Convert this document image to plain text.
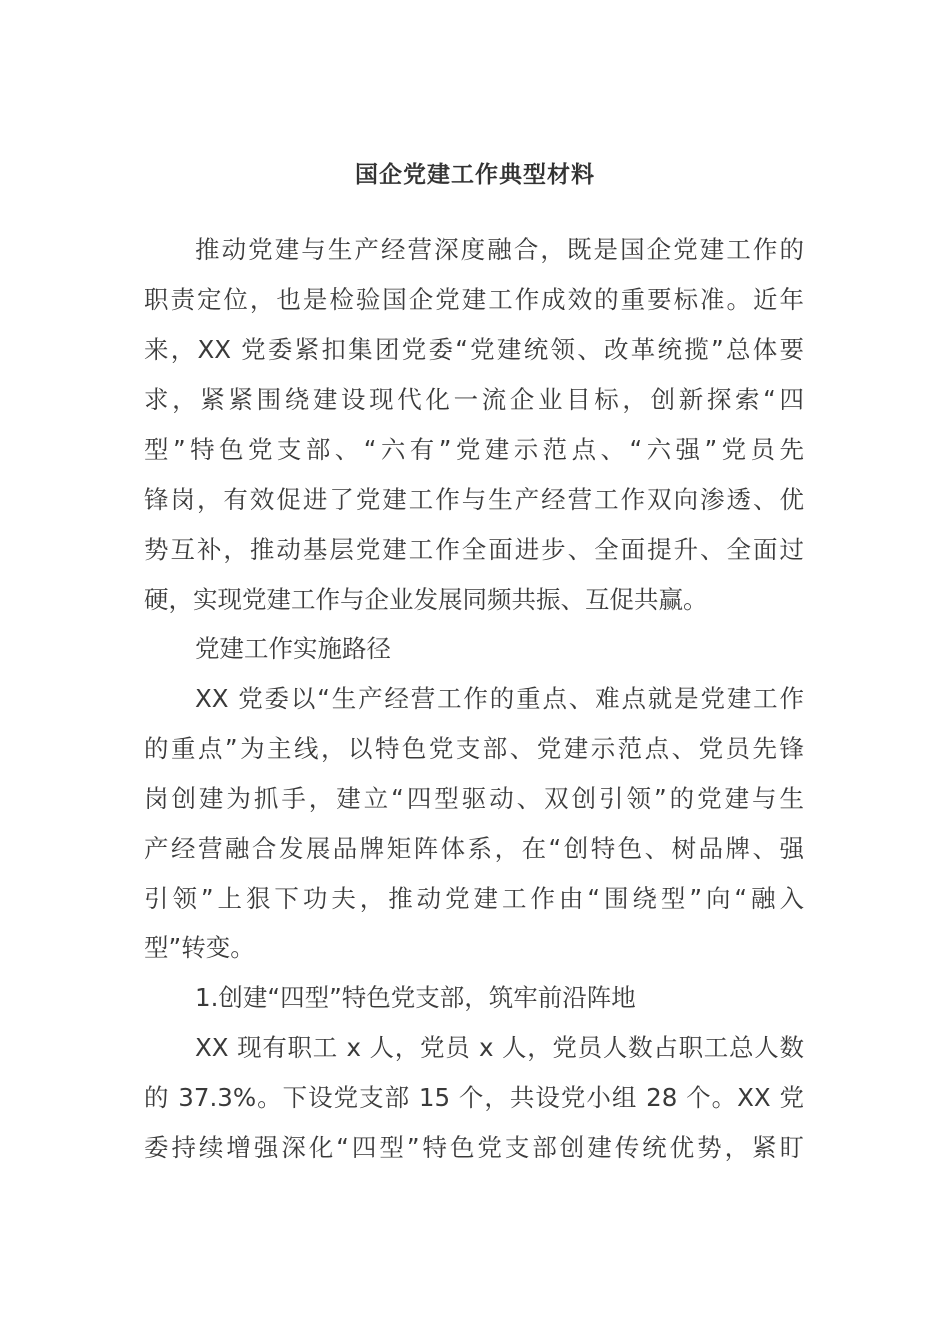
国企党建工作典型材料
推动党建与生产经营深度融合，既是国企党建工作的
职责定位，也是检验国企党建工作成效的重要标准。近年
来，XX 党委紧扣集团党委“党建统领、改革统揽”总体要
求，紧紧围绕建设现代化一流企业目标，创新探索“四
型”特色党支部、“六有”党建示范点、“六强”党员先
锋岗，有效促进了党建工作与生产经营工作双向渗透、优
势互补，推动基层党建工作全面进步、全面提升、全面过
硬，实现党建工作与企业发展同频共振、互促共赢。
党建工作实施路径
XX 党委以“生产经营工作的重点、难点就是党建工作
的重点”为主线，以特色党支部、党建示范点、党员先锋
岗创建为抓手，建立“四型驱动、双创引领”的党建与生
产经营融合发展品牌矩阵体系，在“创特色、树品牌、强
引领”上狠下功夫，推动党建工作由“围绕型”向“融入
型”转变。
1.创建“四型”特色党支部，筑牢前沿阵地
XX 现有职工 x 人，党员 x 人，党员人数占职工总人数
的 37.3%。下设党支部 15 个，共设党小组 28 个。XX 党
委持续增强深化“四型”特色党支部创建传统优势，紧盯
